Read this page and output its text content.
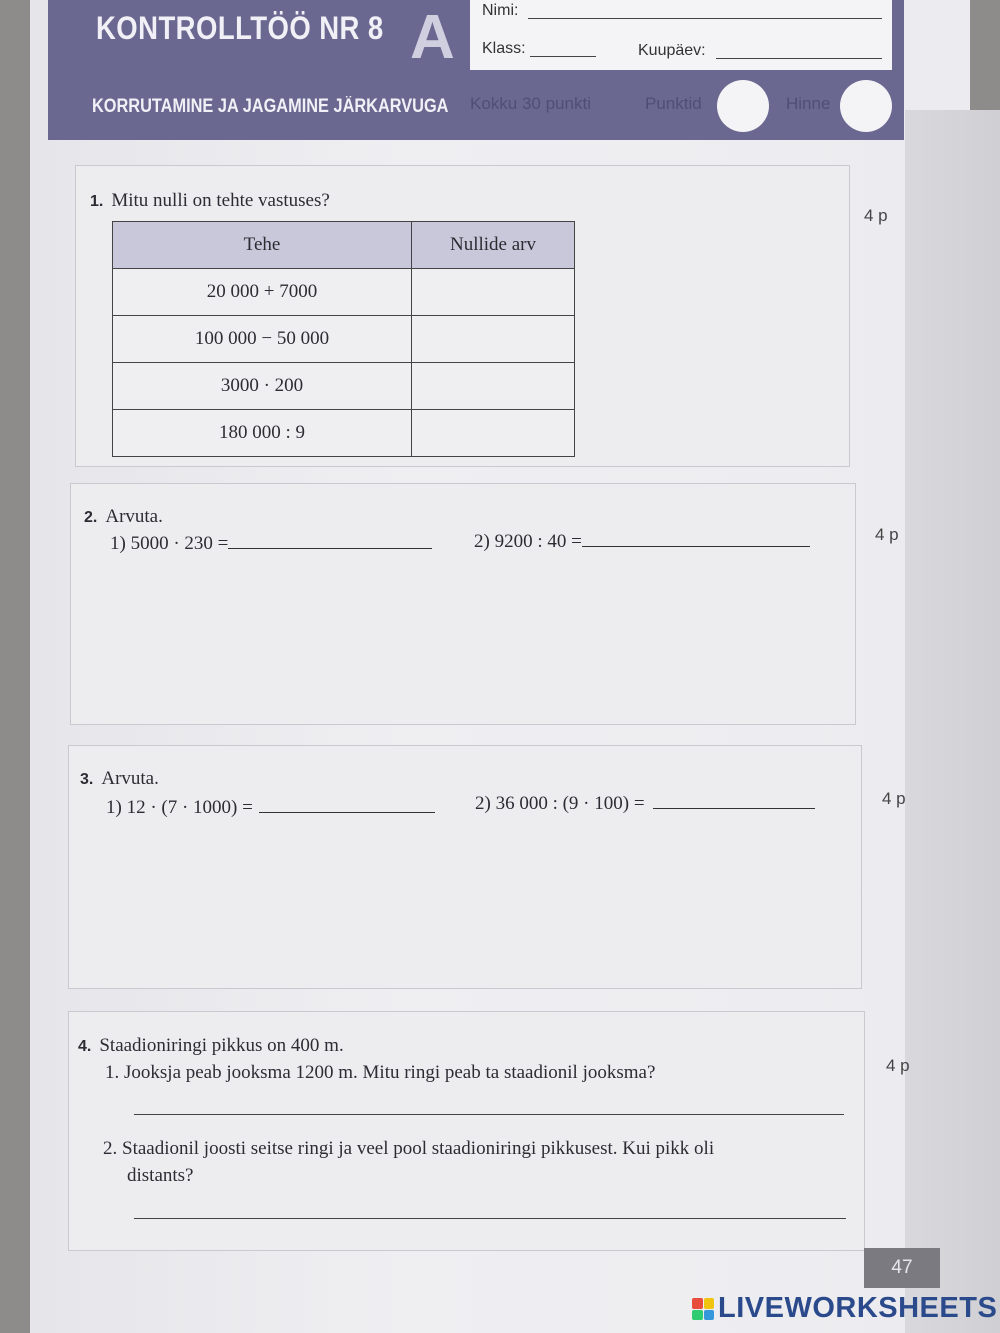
KONTROLLTÖÖ NR 8 A Nimi:
Klass:	Kuupäev:
KORRUTAMINE JA JAGAMINE JÄRKARVUGA Kokku 30 punkti	Punktid	Hinne
1. Mitu nulli on tehte vastuses?
4 p
Tehe	Nullide arv
20 000 + 7000	
100 000 − 50 000	
3000 · 200	
180 000 : 9	
2. Arvuta.
4 p
1) 5000 · 230 =	2) 9200 : 40 =
3. Arvuta.
4 p
1) 12 · (7 · 1000) =	2) 36 000 : (9 · 100) =
4. Staadioniringi pikkus on 400 m.
4 p
1. Jooksja peab jooksma 1200 m. Mitu ringi peab ta staadionil jooksma?
2. Staadionil joosti seitse ringi ja veel pool staadioniringi pikkusest. Kui pikk oli
distants?
47
LIVEWORKSHEETS
